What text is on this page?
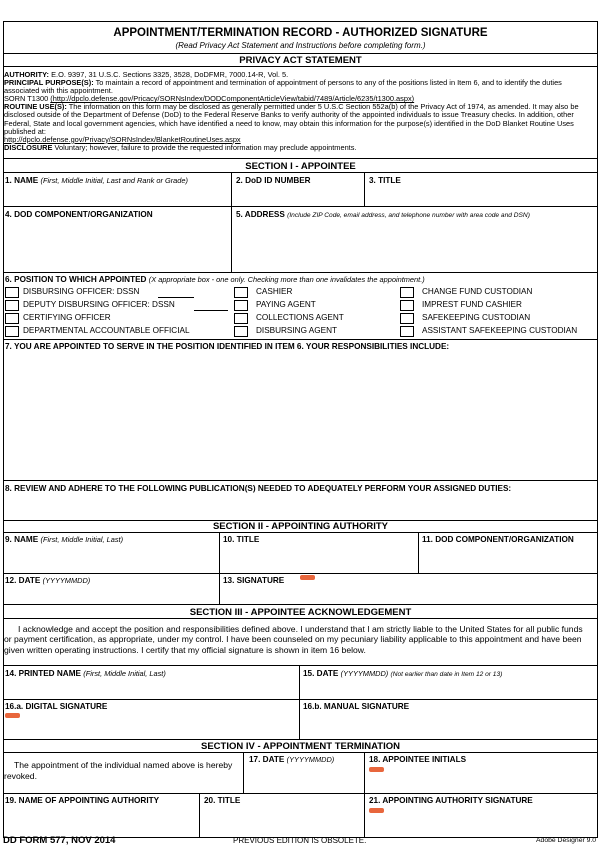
APPOINTMENT/TERMINATION RECORD - AUTHORIZED SIGNATURE
(Read Privacy Act Statement and Instructions before completing form.)
PRIVACY ACT STATEMENT
AUTHORITY: E.O. 9397, 31 U.S.C. Sections 3325, 3528, DoDFMR, 7000.14-R, Vol. 5.
PRINCIPAL PURPOSE(S): To maintain a record of appointment and termination of appointment of persons to any of the positions listed in Item 6, and to identify the duties associated with this appointment.
SORN T1300 (http://dpclo.defense.gov/Pricacy/SORNsIndex/DODComponentArticleView/tabid/7489/Article/6235/t1300.aspx)
ROUTINE USE(S): The information on this form may be disclosed as generally permitted under 5 U.S.C Section 552a(b) of the Privacy Act of 1974, as amended. It may also be disclosed outside of the Department of Defense (DoD) to the Federal Reserve Banks to verify authority of the appointed individuals to issue Treasury checks. In addition, other Federal, State and local government agencies, which have identified a need to know, may obtain this information for the purpose(s) identified in the DoD Blanket Routine Uses published at:
http://dpclo.defense.gov/Privacy/SORNsIndex/BlanketRoutineUses.aspx
DISCLOSURE Voluntary; however, failure to provide the requested information may preclude appointments.
SECTION I - APPOINTEE
1. NAME (First, Middle Initial, Last and Rank or Grade)	2. DoD ID NUMBER	3. TITLE
4. DOD COMPONENT/ORGANIZATION	5. ADDRESS (Include ZIP Code, email address, and telephone number with area code and DSN)
6. POSITION TO WHICH APPOINTED (X appropriate box - one only. Checking more than one invalidates the appointment.)
DISBURSING OFFICER: DSSN
DEPUTY DISBURSING OFFICER: DSSN
CERTIFYING OFFICER
DEPARTMENTAL ACCOUNTABLE OFFICIAL
CASHIER
PAYING AGENT
COLLECTIONS AGENT
DISBURSING AGENT
CHANGE FUND CUSTODIAN
IMPREST FUND CASHIER
SAFEKEEPING CUSTODIAN
ASSISTANT SAFEKEEPING CUSTODIAN
7. YOU ARE APPOINTED TO SERVE IN THE POSITION IDENTIFIED IN ITEM 6. YOUR RESPONSIBILITIES INCLUDE:
8. REVIEW AND ADHERE TO THE FOLLOWING PUBLICATION(S) NEEDED TO ADEQUATELY PERFORM YOUR ASSIGNED DUTIES:
SECTION II - APPOINTING AUTHORITY
9. NAME (First, Middle Initial, Last)	10. TITLE	11. DOD COMPONENT/ORGANIZATION
12. DATE (YYYYMMDD)	13. SIGNATURE
SECTION III - APPOINTEE ACKNOWLEDGEMENT
I acknowledge and accept the position and responsibilities defined above. I understand that I am strictly liable to the United States for all public funds or payment certification, as appropriate, under my control. I have been counseled on my pecuniary liability applicable to this appointment and have been given written operating instructions. I certify that my official signature is shown in item 16 below.
14. PRINTED NAME (First, Middle Initial, Last)	15. DATE (YYYYMMDD) (Not earlier than date in Item 12 or 13)
16.a. DIGITAL SIGNATURE	16.b. MANUAL SIGNATURE
SECTION IV - APPOINTMENT TERMINATION
The appointment of the individual named above is hereby revoked.
17. DATE (YYYYMMDD)	18. APPOINTEE INITIALS
19. NAME OF APPOINTING AUTHORITY	20. TITLE	21. APPOINTING AUTHORITY SIGNATURE
DD FORM 577, NOV 2014	PREVIOUS EDITION IS OBSOLETE.	Adobe Designer 9.0
